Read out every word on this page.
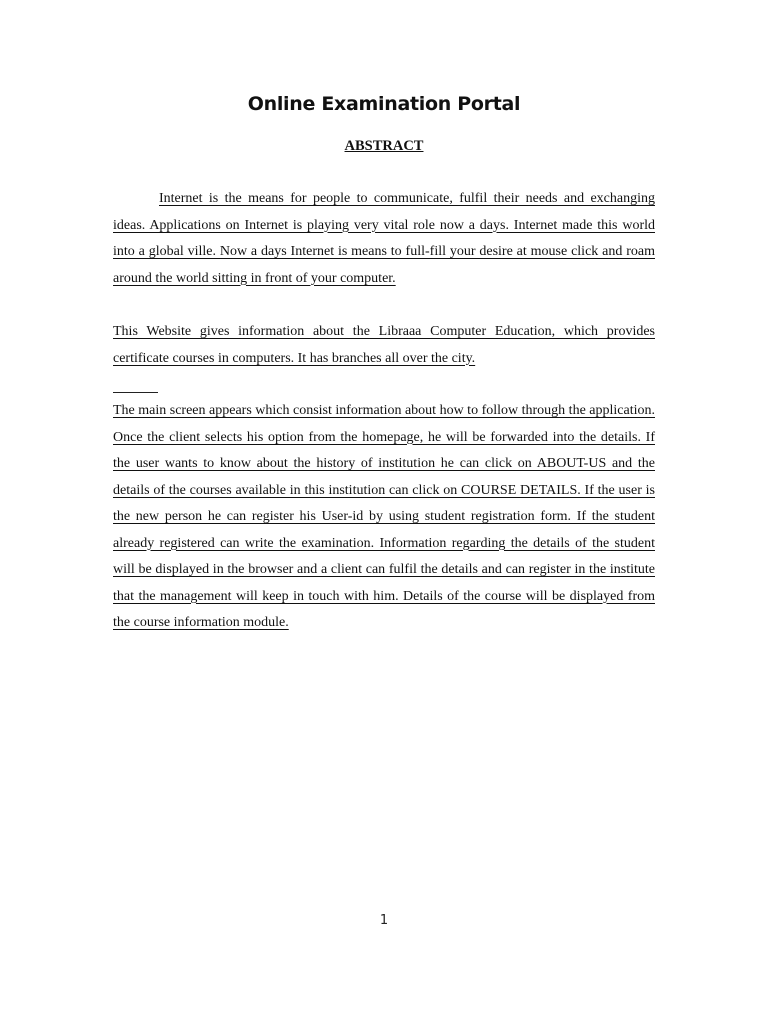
Online Examination Portal
ABSTRACT

Internet is the means for people to communicate, fulfil their needs and exchanging ideas. Applications on Internet is playing very vital role now a days. Internet made this world into a global ville. Now a days Internet is means to full-fill your desire at mouse click and roam around the world sitting in front of your computer.

This Website gives information about the Libraaa Computer Education, which provides certificate courses in computers. It has branches all over the city.

The main screen appears which consist information about how to follow through the application. Once the client selects his option from the homepage, he will be forwarded into the details. If the user wants to know about the history of institution he can click on ABOUT-US and the details of the courses available in this institution can click on COURSE DETAILS. If the user is the new person he can register his User-id by using student registration form. If the student already registered can write the examination. Information regarding the details of the student will be displayed in the browser and a client can fulfil the details and can register in the institute that the management will keep in touch with him. Details of the course will be displayed from the course information module.

1
